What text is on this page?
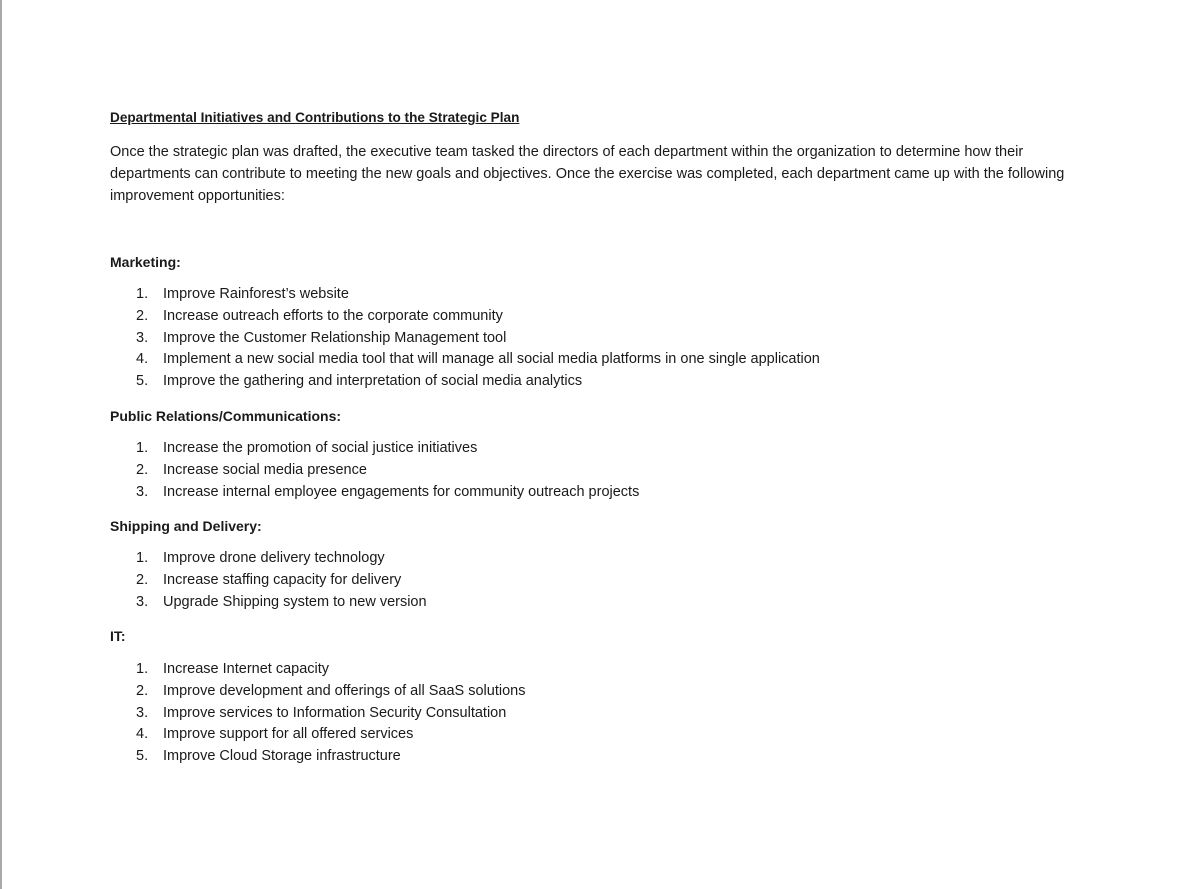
Departmental Initiatives and Contributions to the Strategic Plan

Once the strategic plan was drafted, the executive team tasked the directors of each department within the organization to determine how their departments can contribute to meeting the new goals and objectives. Once the exercise was completed, each department came up with the following improvement opportunities:

Marketing:

1.	Improve Rainforest’s website
2.	Increase outreach efforts to the corporate community
3.	Improve the Customer Relationship Management tool
4.	Implement a new social media tool that will manage all social media platforms in one single application
5.	Improve the gathering and interpretation of social media analytics

Public Relations/Communications:

1.	Increase the promotion of social justice initiatives
2.	Increase social media presence
3.	Increase internal employee engagements for community outreach projects

Shipping and Delivery:

1.	Improve drone delivery technology
2.	Increase staffing capacity for delivery
3.	Upgrade Shipping system to new version

IT:

1.	Increase Internet capacity
2.	Improve development and offerings of all SaaS solutions
3.	Improve services to Information Security Consultation
4.	Improve support for all offered services
5.	Improve Cloud Storage infrastructure
